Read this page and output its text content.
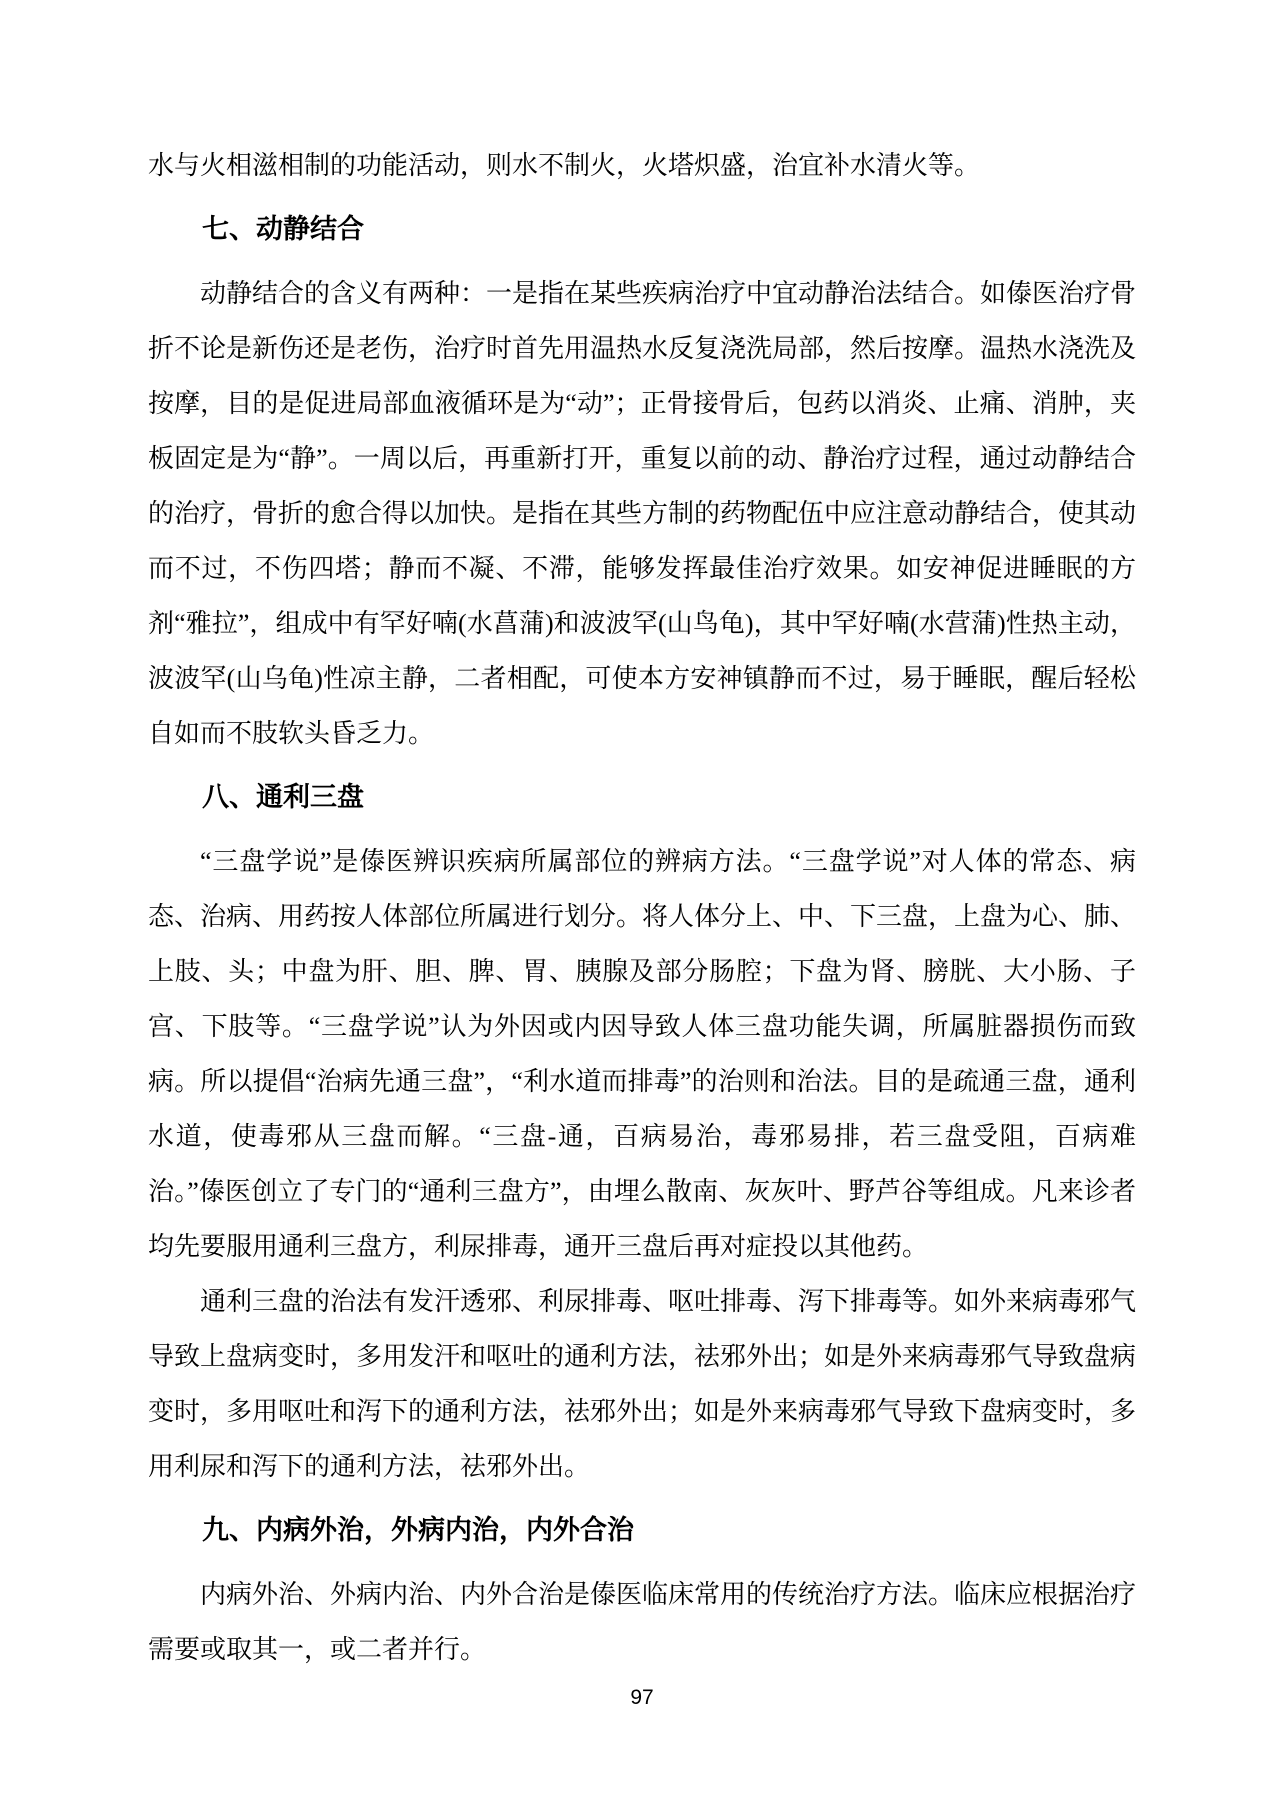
水与火相滋相制的功能活动，则水不制火，火塔炽盛，治宜补水清火等。

七、动静结合

动静结合的含义有两种：一是指在某些疾病治疗中宜动静治法结合。如傣医治疗骨折不论是新伤还是老伤，治疗时首先用温热水反复浇洗局部，然后按摩。温热水浇洗及按摩，目的是促进局部血液循环是为“动”；正骨接骨后，包药以消炎、止痛、消肿，夹板固定是为“静”。一周以后，再重新打开，重复以前的动、静治疗过程，通过动静结合的治疗，骨折的愈合得以加快。是指在其些方制的药物配伍中应注意动静结合，使其动而不过，不伤四塔；静而不凝、不滞，能够发挥最佳治疗效果。如安神促进睡眠的方剂“雅拉”，组成中有罕好喃(水菖蒲)和波波罕(山鸟龟)，其中罕好喃(水营蒲)性热主动，波波罕(山乌龟)性凉主静，二者相配，可使本方安神镇静而不过，易于睡眠，醒后轻松自如而不肢软头昏乏力。

八、通利三盘

“三盘学说”是傣医辨识疾病所属部位的辨病方法。“三盘学说”对人体的常态、病态、治病、用药按人体部位所属进行划分。将人体分上、中、下三盘，上盘为心、肺、上肢、头；中盘为肝、胆、脾、胃、胰腺及部分肠腔；下盘为肾、膀胱、大小肠、子宫、下肢等。“三盘学说”认为外因或内因导致人体三盘功能失调，所属脏器损伤而致病。所以提倡“治病先通三盘”，“利水道而排毒”的治则和治法。目的是疏通三盘，通利水道，使毒邪从三盘而解。“三盘-通，百病易治，毒邪易排，若三盘受阻，百病难治。”傣医创立了专门的“通利三盘方”，由埋么散南、灰灰叶、野芦谷等组成。凡来诊者均先要服用通利三盘方，利尿排毒，通开三盘后再对症投以其他药。

通利三盘的治法有发汗透邪、利尿排毒、呕吐排毒、泻下排毒等。如外来病毒邪气导致上盘病变时，多用发汗和呕吐的通利方法，祛邪外出；如是外来病毒邪气导致盘病变时，多用呕吐和泻下的通利方法，祛邪外出；如是外来病毒邪气导致下盘病变时，多用利尿和泻下的通利方法，祛邪外出。

九、内病外治，外病内治，内外合治

内病外治、外病内治、内外合治是傣医临床常用的传统治疗方法。临床应根据治疗需要或取其一，或二者并行。

97
